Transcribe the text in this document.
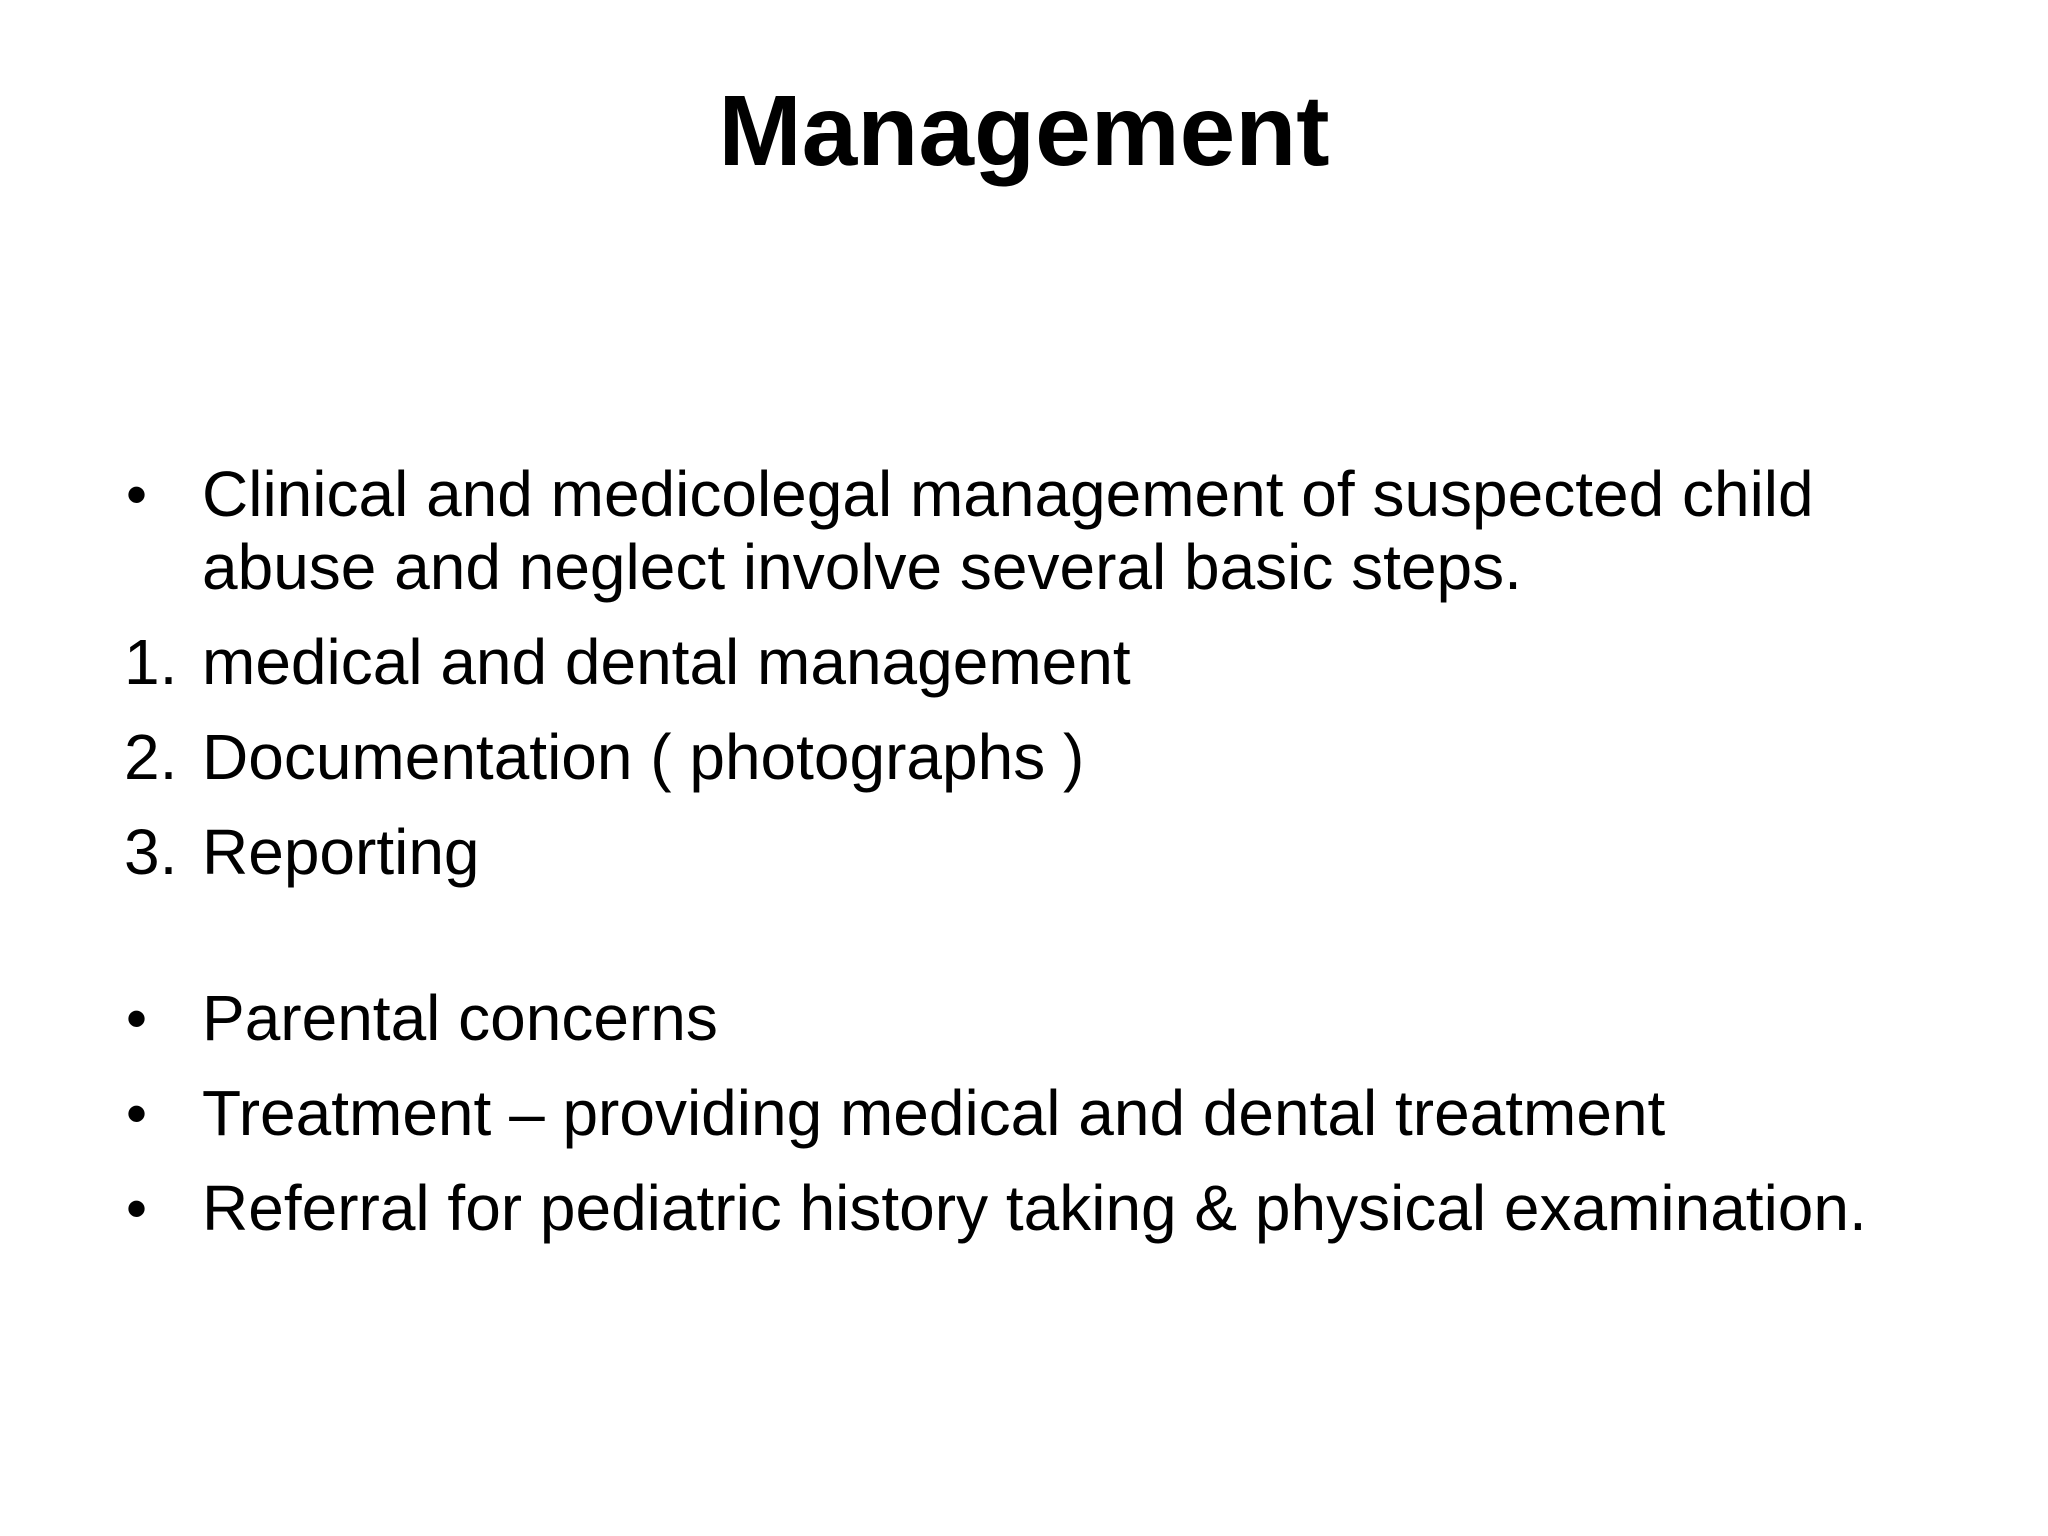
Management
• Clinical and medicolegal management of suspected child abuse and neglect involve several basic steps.
1. medical and dental management
2. Documentation ( photographs )
3. Reporting
• Parental concerns
• Treatment – providing medical and dental treatment
• Referral for pediatric history taking & physical examination.
